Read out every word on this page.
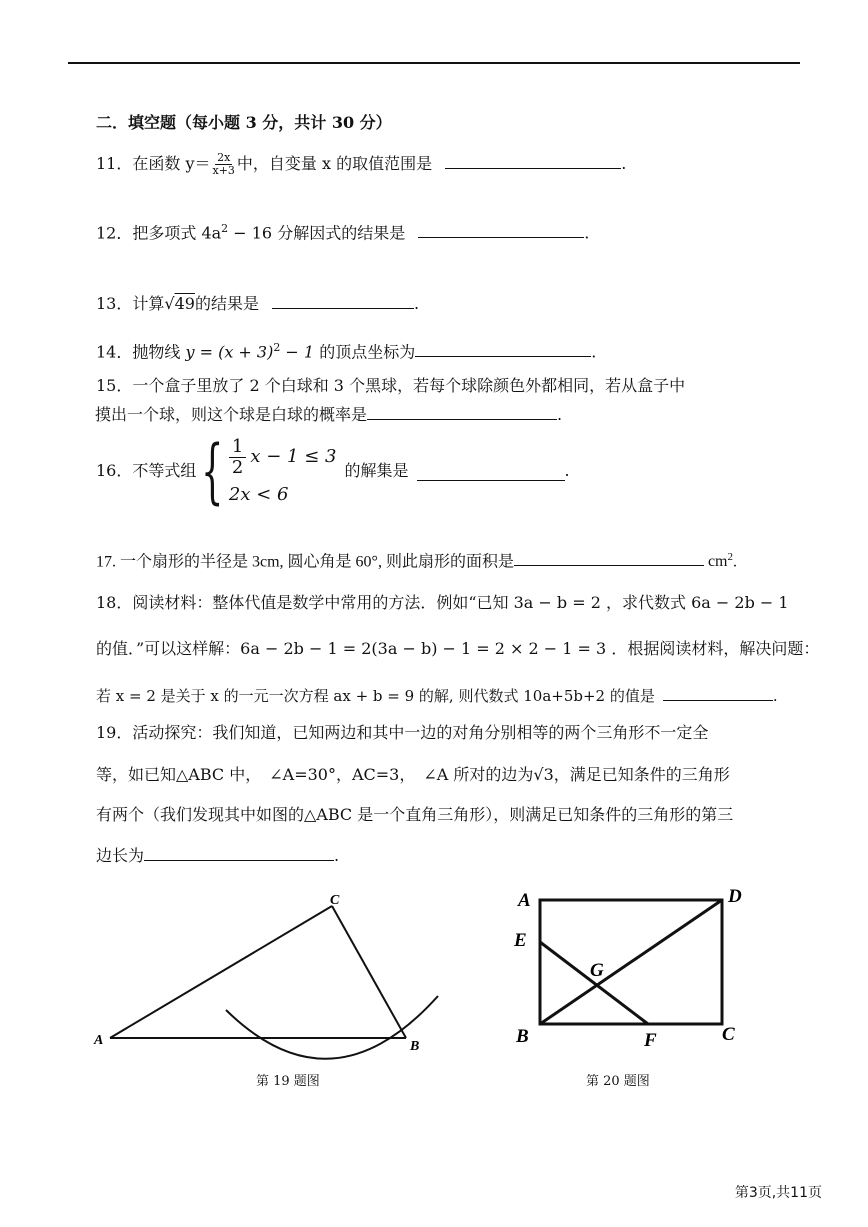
二．填空题（每小题 3 分，共计 30 分）
11．在函数 $y= \frac{2x}{x+3}$ 中，自变量 x 的取值范围是	.
12．把多项式 $4a^2 - 16$ 分解因式的结果是	.
13．计算√49的结果是	.
14．抛物线 $y = (x + 3)^2 - 1$ 的顶点坐标为	.
15．一个盒子里放了 2 个白球和 3 个黑球，若每个球除颜色外都相同，若从盒子中
摸出一个球，则这个球是白球的概率是	.
16．不等式组 { $\frac{1}{2}$ x − 1 ≤ 3
2x < 6
的解集是	.
17. 一个扇形的半径是 3cm, 圆心角是 60°, 则此扇形的面积是	$cm^2$.
18．阅读材料：整体代值是数学中常用的方法．例如“已知 3a − b = 2 ，求代数式 6a − 2b − 1
的值．”可以这样解：6a − 2b − 1 = 2(3a − b) − 1 = 2 × 2 − 1 = 3 ．根据阅读材料，解决问题：
若 x = 2 是关于 x 的一元一次方程 ax + b = 9 的解, 则代数式 10a+5b+2 的值是	.
19．活动探究：我们知道，已知两边和其中一边的对角分别相等的两个三角形不一定全
等，如已知△ABC 中，　∠A=30°，AC=3，　∠A 所对的边为√3，满足已知条件的三角形
有两个（我们发现其中如图的△ABC 是一个直角三角形），则满足已知条件的三角形的第三
边长为	.
A	B
C
第 19 题图
A	D
E
G
B	F	C
第 20 题图
第3页,共11页
